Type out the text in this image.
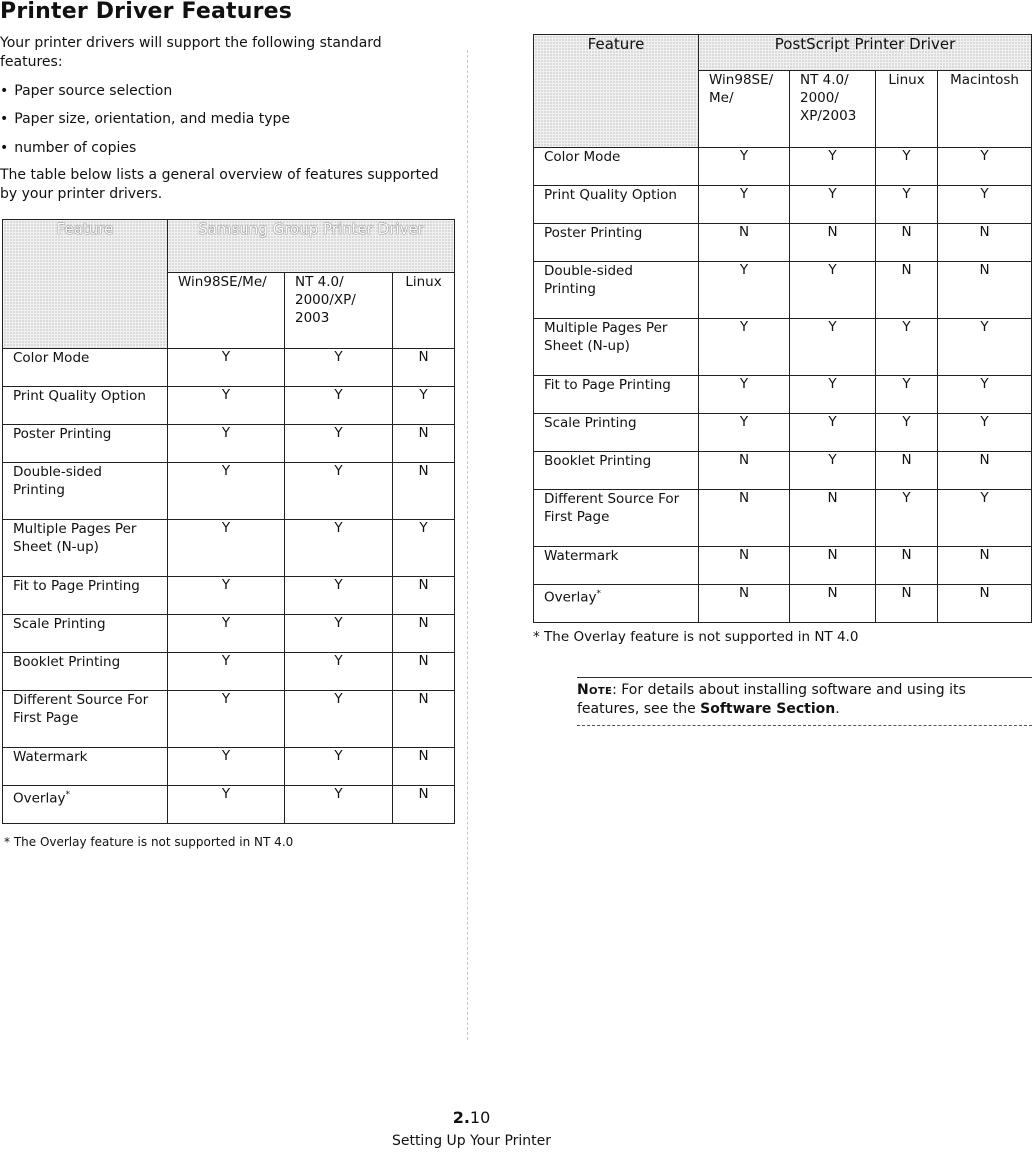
Printer Driver Features

Your printer drivers will support the following standard features:

• Paper source selection
• Paper size, orientation, and media type
• number of copies

The table below lists a general overview of features supported by your printer drivers.

Feature	Samsung Group Printer Driver		
	Win98SE/Me/	NT 4.0/ 2000/XP/ 2003	Linux
Color Mode	Y	Y	N
Print Quality Option	Y	Y	Y
Poster Printing	Y	Y	N
Double-sided Printing	Y	Y	N
Multiple Pages Per Sheet (N-up)	Y	Y	Y
Fit to Page Printing	Y	Y	N
Scale Printing	Y	Y	N
Booklet Printing	Y	Y	N
Different Source For First Page	Y	Y	N
Watermark	Y	Y	N
Overlay*	Y	Y	N
* The Overlay feature is not supported in NT 4.0
Feature	PostScript Printer Driver			
	Win98SE/ Me/	NT 4.0/ 2000/ XP/2003	Linux	Macintosh
Color Mode	Y	Y	Y	Y
Print Quality Option	Y	Y	Y	Y
Poster Printing	N	N	N	N
Double-sided Printing	Y	Y	N	N
Multiple Pages Per Sheet (N-up)	Y	Y	Y	Y
Fit to Page Printing	Y	Y	Y	Y
Scale Printing	Y	Y	Y	Y
Booklet Printing	N	Y	N	N
Different Source For First Page	N	N	Y	Y
Watermark	N	N	N	N
Overlay*	N	N	N	N
* The Overlay feature is not supported in NT 4.0
Note: For details about installing software and using its features, see the Software Section.
2.10
Setting Up Your Printer
